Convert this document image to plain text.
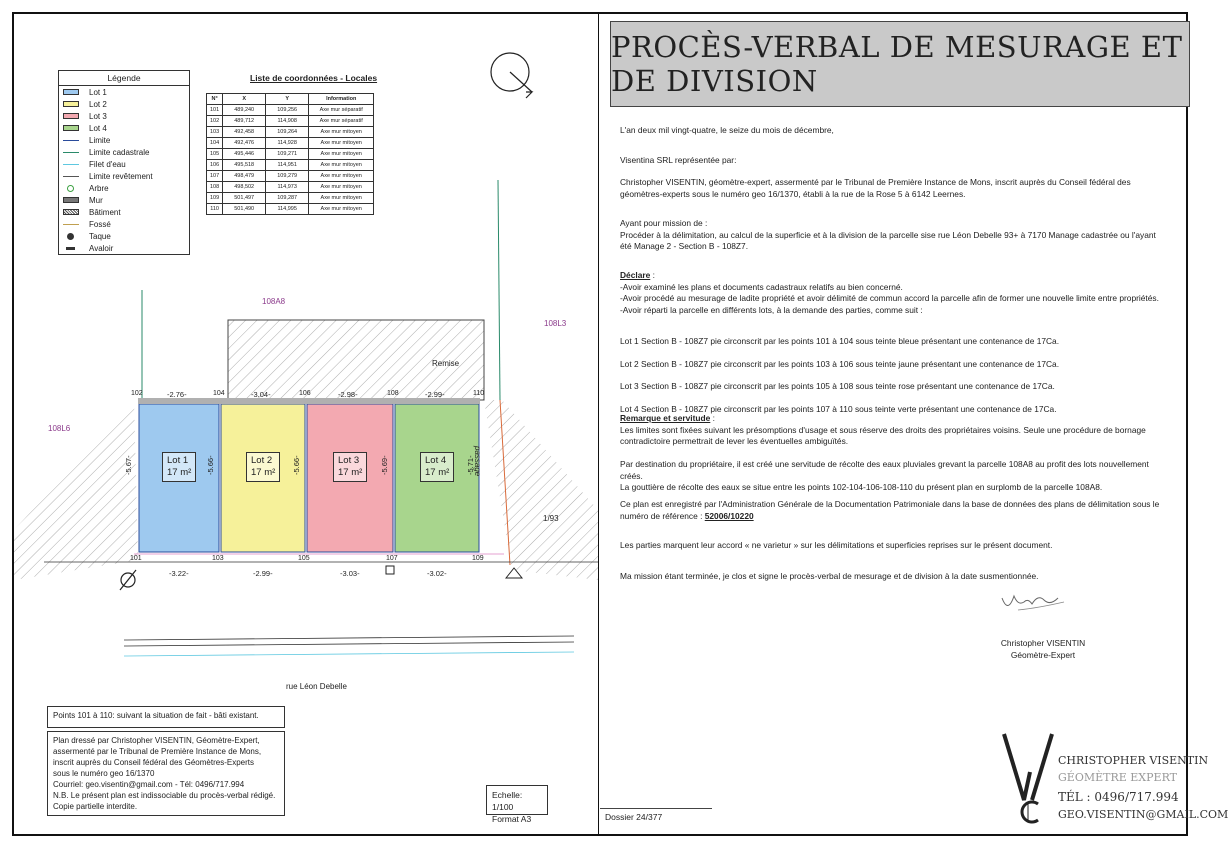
Légende
Lot 1
Lot 2
Lot 3
Lot 4
Limite
Limite cadastrale
Filet d'eau
Limite revêtement
Arbre
Mur
Bâtiment
Fossé
Taque
Avaloir
Liste de coordonnées - Locales
N°	X	Y	Information
101	489,240	109,256	Axe mur séparatif
102	489,712	114,908	Axe mur séparatif
103	492,458	109,264	Axe mur mitoyen
104	492,476	114,928	Axe mur mitoyen
105	495,446	109,271	Axe mur mitoyen
106	495,518	114,951	Axe mur mitoyen
107	498,479	109,279	Axe mur mitoyen
108	498,502	114,973	Axe mur mitoyen
109	501,497	109,287	Axe mur mitoyen
110	501,490	114,995	Axe mur mitoyen
Lot 1
17 m²
Lot 2
17 m²
Lot 3
17 m²
Lot 4
17 m²
102	104	106	108	110
101	103	105	107	109
-2.76-	-3.04-	-2.98-	-2.99-
-3.22-	-2.99-	-3.03-	-3.02-
-5.67-	-5.66-	-5.66-	-5.69-	-5.71-
108A8
108L3
108L6
1/93
Remise
passage
rue Léon Debelle
Points 101 à 110: suivant la situation de fait - bâti existant.
Plan dressé par Christopher VISENTIN, Géomètre-Expert,
assermenté par le Tribunal de Première Instance de Mons,
inscrit auprès du Conseil fédéral des Géomètres-Experts
sous le numéro geo 16/1370
Courriel: geo.visentin@gmail.com - Tél: 0496/717.994
N.B. Le présent plan est indissociable du procès-verbal rédigé.
Copie partielle interdite.
Echelle: 1/100
Format A3
PROCÈS-VERBAL DE MESURAGE ET DE DIVISION
L'an deux mil vingt-quatre, le seize du mois de décembre,
Visentina SRL représentée par:
Christopher VISENTIN, géomètre-expert, assermenté par le Tribunal de Première Instance de Mons, inscrit auprès du Conseil fédéral des géomètres-experts sous le numéro geo 16/1370, établi à la rue de la Rose 5 à 6142 Leernes.

Ayant pour mission de :

Procéder à la délimitation, au calcul de la superficie et à la division de la parcelle sise rue Léon Debelle 93+ à 7170 Manage cadastrée ou l'ayant été Manage 2 - Section B - 108Z7.

Déclare :

-Avoir examiné les plans et documents cadastraux relatifs au bien concerné.

-Avoir procédé au mesurage de ladite propriété et avoir délimité de commun accord la parcelle afin de former une nouvelle limite entre propriétés.

-Avoir réparti la parcelle en différents lots, à la demande des parties, comme suit :

Lot 1 Section B - 108Z7 pie circonscrit par les points 101 à 104 sous teinte bleue présentant une contenance de 17Ca.

Lot 2 Section B - 108Z7 pie circonscrit par les points 103 à 106 sous teinte jaune présentant une contenance de 17Ca.

Lot 3 Section B - 108Z7 pie circonscrit par les points 105 à 108 sous teinte rose présentant une contenance de 17Ca.

Lot 4 Section B - 108Z7 pie circonscrit par les points 107 à 110 sous teinte verte présentant une contenance de 17Ca.

Remarque et servitude :

Les limites sont fixées suivant les présomptions d'usage et sous réserve des droits des propriétaires voisins. Seule une procédure de bornage contradictoire permettrait de lever les éventuelles ambiguïtés.

Par destination du propriétaire, il est créé une servitude de récolte des eaux pluviales grevant la parcelle 108A8 au profit des lots nouvellement créés.

La gouttière de récolte des eaux se situe entre les points 102-104-106-108-110 du présent plan en surplomb de la parcelle 108A8.

Ce plan est enregistré par l'Administration Générale de la Documentation Patrimoniale dans la base de données des plans de délimitation sous le numéro de référence : 52006/10220
Les parties marquent leur accord « ne varietur » sur les délimitations et superficies reprises sur le présent document.
Ma mission étant terminée, je clos et signe le procès-verbal de mesurage et de division à la date susmentionnée.
Christopher VISENTIN
Géomètre-Expert
CHRISTOPHER VISENTIN
GÉOMÈTRE EXPERT
TÉL : 0496/717.994
GEO.VISENTIN@GMAIL.COM
Dossier 24/377
